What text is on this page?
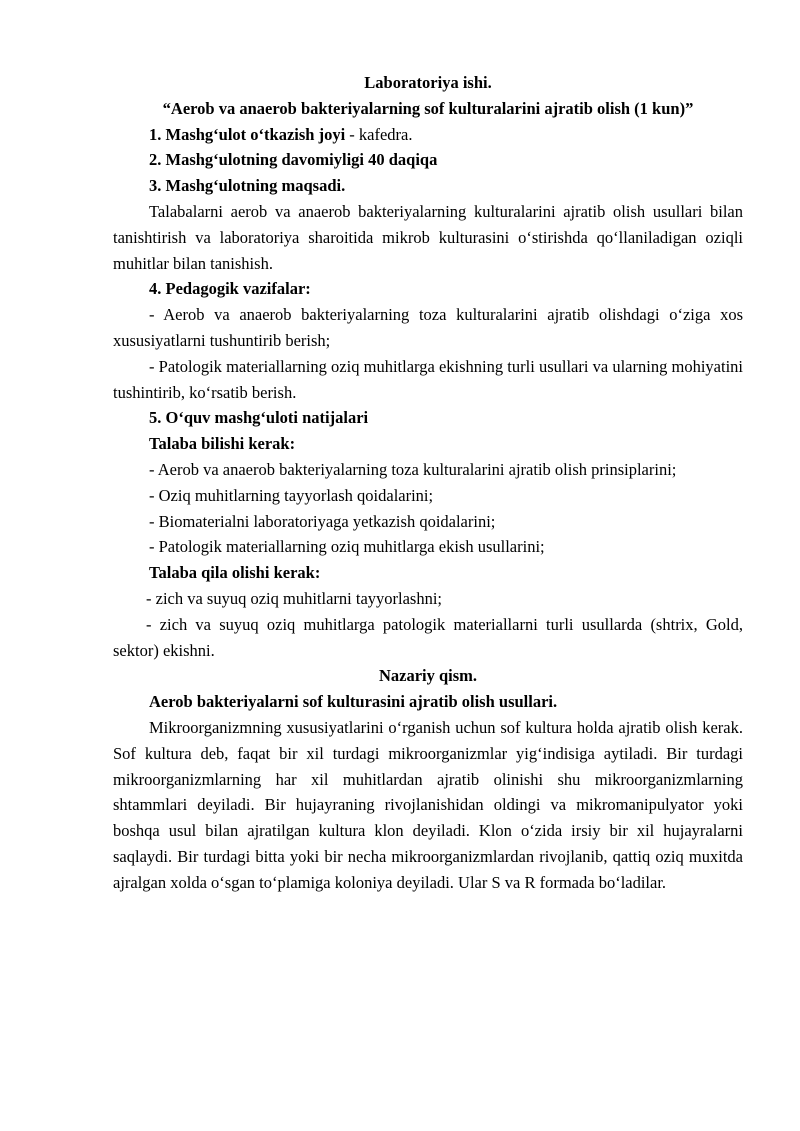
Laboratoriya ishi.

“Aerob va anaerob bakteriyalarning sof kulturalarini ajratib olish (1 kun)”

1. Mashg‘ulot o‘tkazish joyi - kafedra.

2. Mashg‘ulotning davomiyligi 40 daqiqa

3. Mashg‘ulotning maqsadi.

Talabalarni aerob va anaerob bakteriyalarning kulturalarini ajratib olish usullari bilan tanishtirish va laboratoriya sharoitida mikrob kulturasini o‘stirishda qo‘llaniladigan oziqli muhitlar bilan tanishish.

4. Pedagogik vazifalar:

- Aerob va anaerob bakteriyalarning toza kulturalarini ajratib olishdagi o‘ziga xos xususiyatlarni tushuntirib berish;

- Patologik materiallarning oziq muhitlarga ekishning turli usullari va ularning mohiyatini tushintirib, ko‘rsatib berish.

5. O‘quv mashg‘uloti natijalari

Talaba bilishi kerak:

- Aerob va anaerob bakteriyalarning toza kulturalarini ajratib olish prinsiplarini;

- Oziq muhitlarning tayyorlash qoidalarini;

- Biomaterialni laboratoriyaga yetkazish qoidalarini;

- Patologik materiallarning oziq muhitlarga ekish usullarini;

Talaba qila olishi kerak:

- zich va suyuq oziq muhitlarni tayyorlashni;

- zich va suyuq oziq muhitlarga patologik materiallarni turli usullarda (shtrix, Gold, sektor) ekishni.

Nazariy qism.

Aerob bakteriyalarni sof kulturasini ajratib olish usullari.

Mikroorganizmning xususiyatlarini o‘rganish uchun sof kultura holda ajratib olish kerak. Sof kultura deb, faqat bir xil turdagi mikroorganizmlar yig‘indisiga aytiladi. Bir turdagi mikroorganizmlarning har xil muhitlardan ajratib olinishi shu mikroorganizmlarning shtammlari deyiladi. Bir hujayraning rivojlanishidan oldingi va mikromanipulyator yoki boshqa usul bilan ajratilgan kultura klon deyiladi. Klon o‘zida irsiy bir xil hujayralarni saqlaydi. Bir turdagi bitta yoki bir necha mikroorganizmlardan rivojlanib, qattiq oziq muxitda ajralgan xolda o‘sgan to‘plamiga koloniya deyiladi. Ular S va R formada bo‘ladilar.
